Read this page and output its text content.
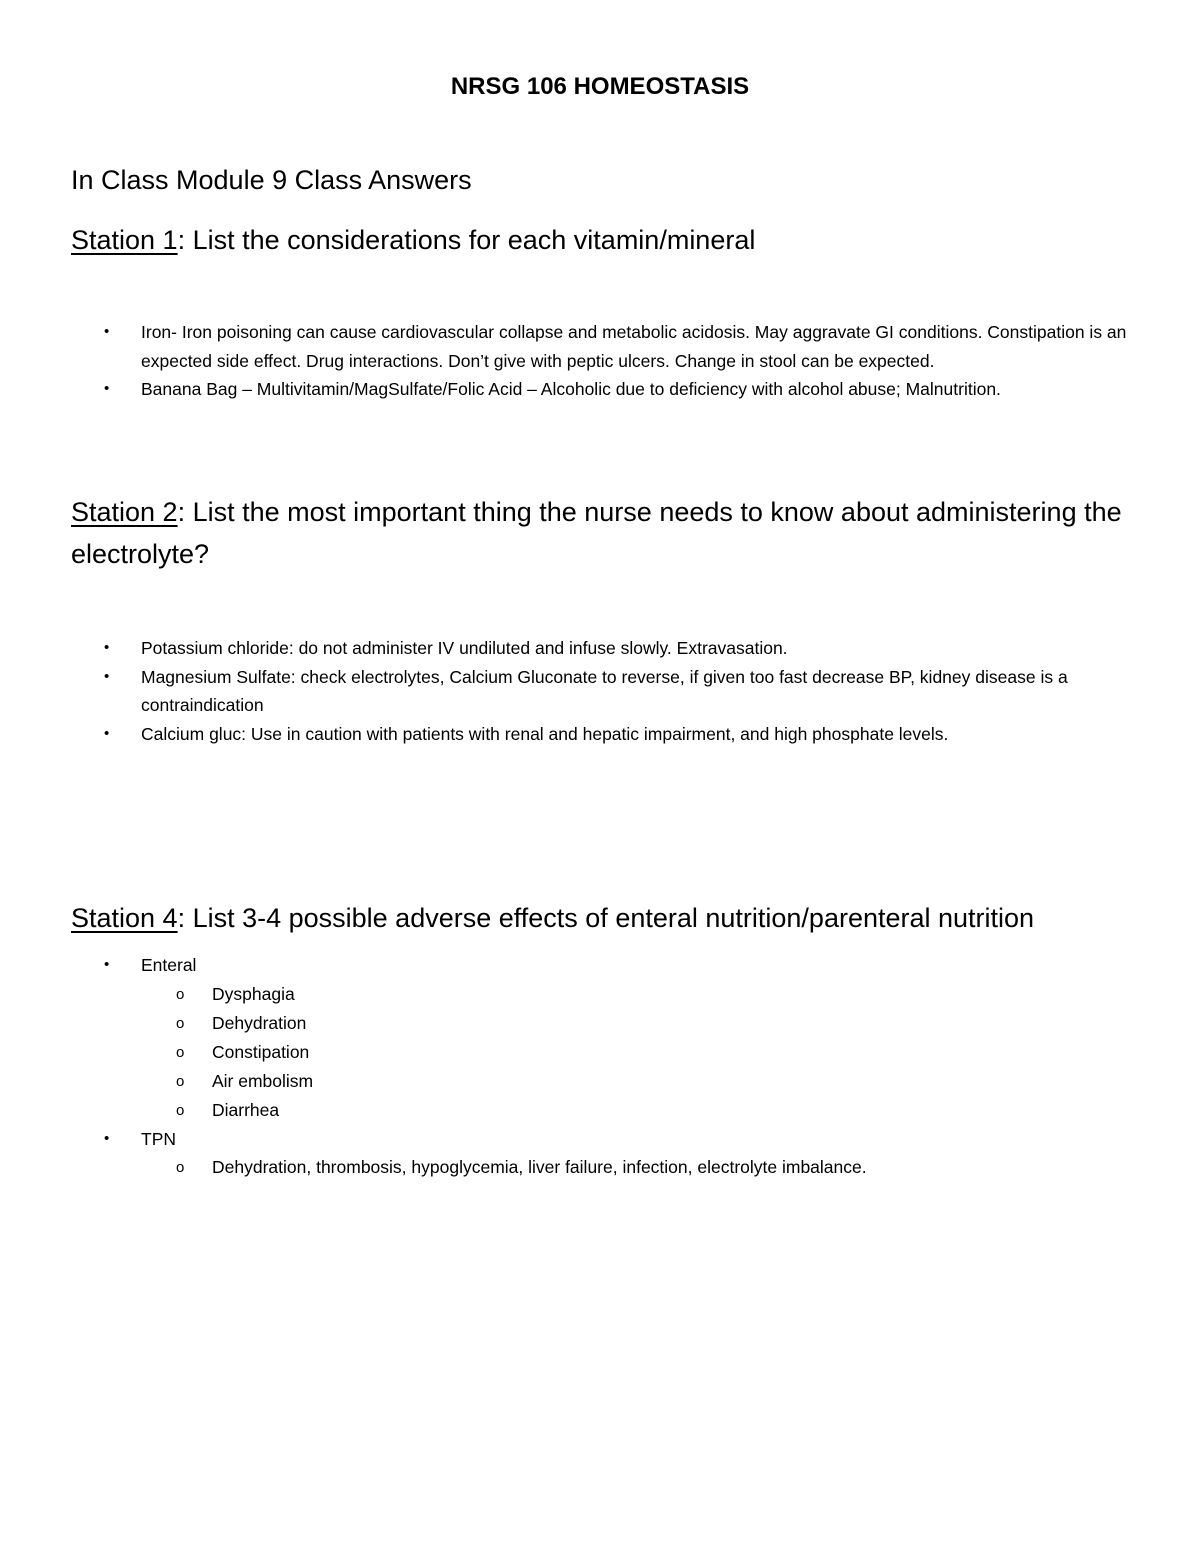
NRSG 106 HOMEOSTASIS
In Class Module 9 Class Answers
Station 1: List the considerations for each vitamin/mineral
• Iron- Iron poisoning can cause cardiovascular collapse and metabolic acidosis. May aggravate GI conditions. Constipation is an expected side effect. Drug interactions. Don’t give with peptic ulcers. Change in stool can be expected.
• Banana Bag – Multivitamin/MagSulfate/Folic Acid – Alcoholic due to deficiency with alcohol abuse; Malnutrition.
Station 2: List the most important thing the nurse needs to know about administering the electrolyte?
• Potassium chloride: do not administer IV undiluted and infuse slowly. Extravasation.
• Magnesium Sulfate: check electrolytes, Calcium Gluconate to reverse, if given too fast decrease BP, kidney disease is a contraindication
• Calcium gluc: Use in caution with patients with renal and hepatic impairment, and high phosphate levels.
Station 4: List 3-4 possible adverse effects of enteral nutrition/parenteral nutrition
• Enteral
o Dysphagia
o Dehydration
o Constipation
o Air embolism
o Diarrhea
• TPN
o Dehydration, thrombosis, hypoglycemia, liver failure, infection, electrolyte imbalance.
